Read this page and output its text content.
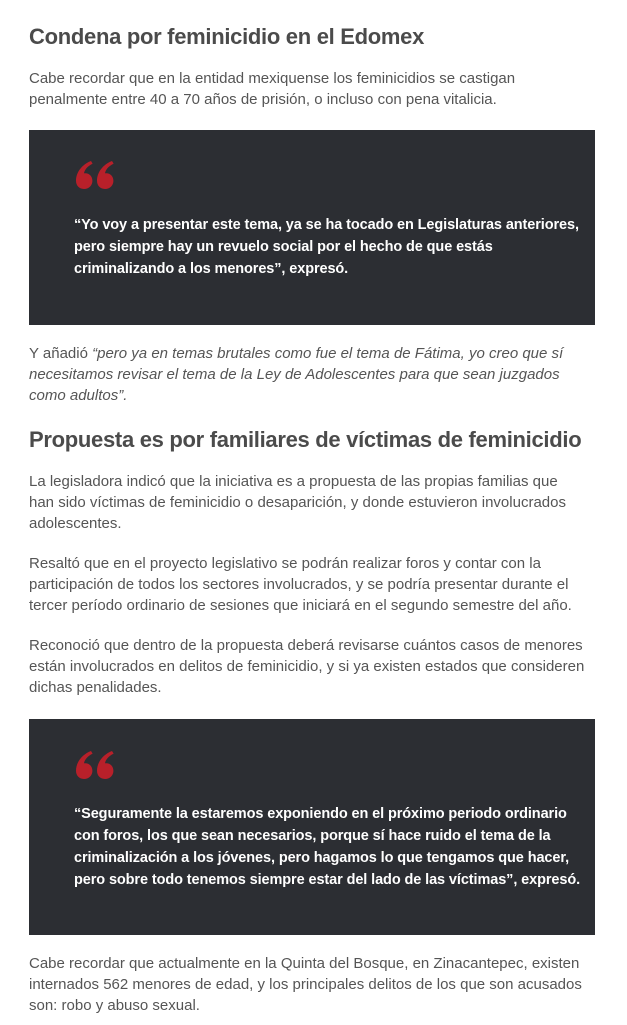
Condena por feminicidio en el Edomex

Cabe recordar que en la entidad mexiquense los feminicidios se castigan
penalmente entre 40 a 70 años de prisión, o incluso con pena vitalicia.

“Yo voy a presentar este tema, ya se ha tocado en Legislaturas anteriores,
pero siempre hay un revuelo social por el hecho de que estás
criminalizando a los menores”, expresó.

Y añadió “pero ya en temas brutales como fue el tema de Fátima, yo creo que sí
necesitamos revisar el tema de la Ley de Adolescentes para que sean juzgados
como adultos”.

Propuesta es por familiares de víctimas de feminicidio

La legisladora indicó que la iniciativa es a propuesta de las propias familias que
han sido víctimas de feminicidio o desaparición, y donde estuvieron involucrados
adolescentes.

Resaltó que en el proyecto legislativo se podrán realizar foros y contar con la
participación de todos los sectores involucrados, y se podría presentar durante el
tercer período ordinario de sesiones que iniciará en el segundo semestre del año.

Reconoció que dentro de la propuesta deberá revisarse cuántos casos de menores
están involucrados en delitos de feminicidio, y si ya existen estados que consideren
dichas penalidades.

“Seguramente la estaremos exponiendo en el próximo periodo ordinario
con foros, los que sean necesarios, porque sí hace ruido el tema de la
criminalización a los jóvenes, pero hagamos lo que tengamos que hacer,
pero sobre todo tenemos siempre estar del lado de las víctimas”, expresó.

Cabe recordar que actualmente en la Quinta del Bosque, en Zinacantepec, existen
internados 562 menores de edad, y los principales delitos de los que son acusados
son: robo y abuso sexual.
